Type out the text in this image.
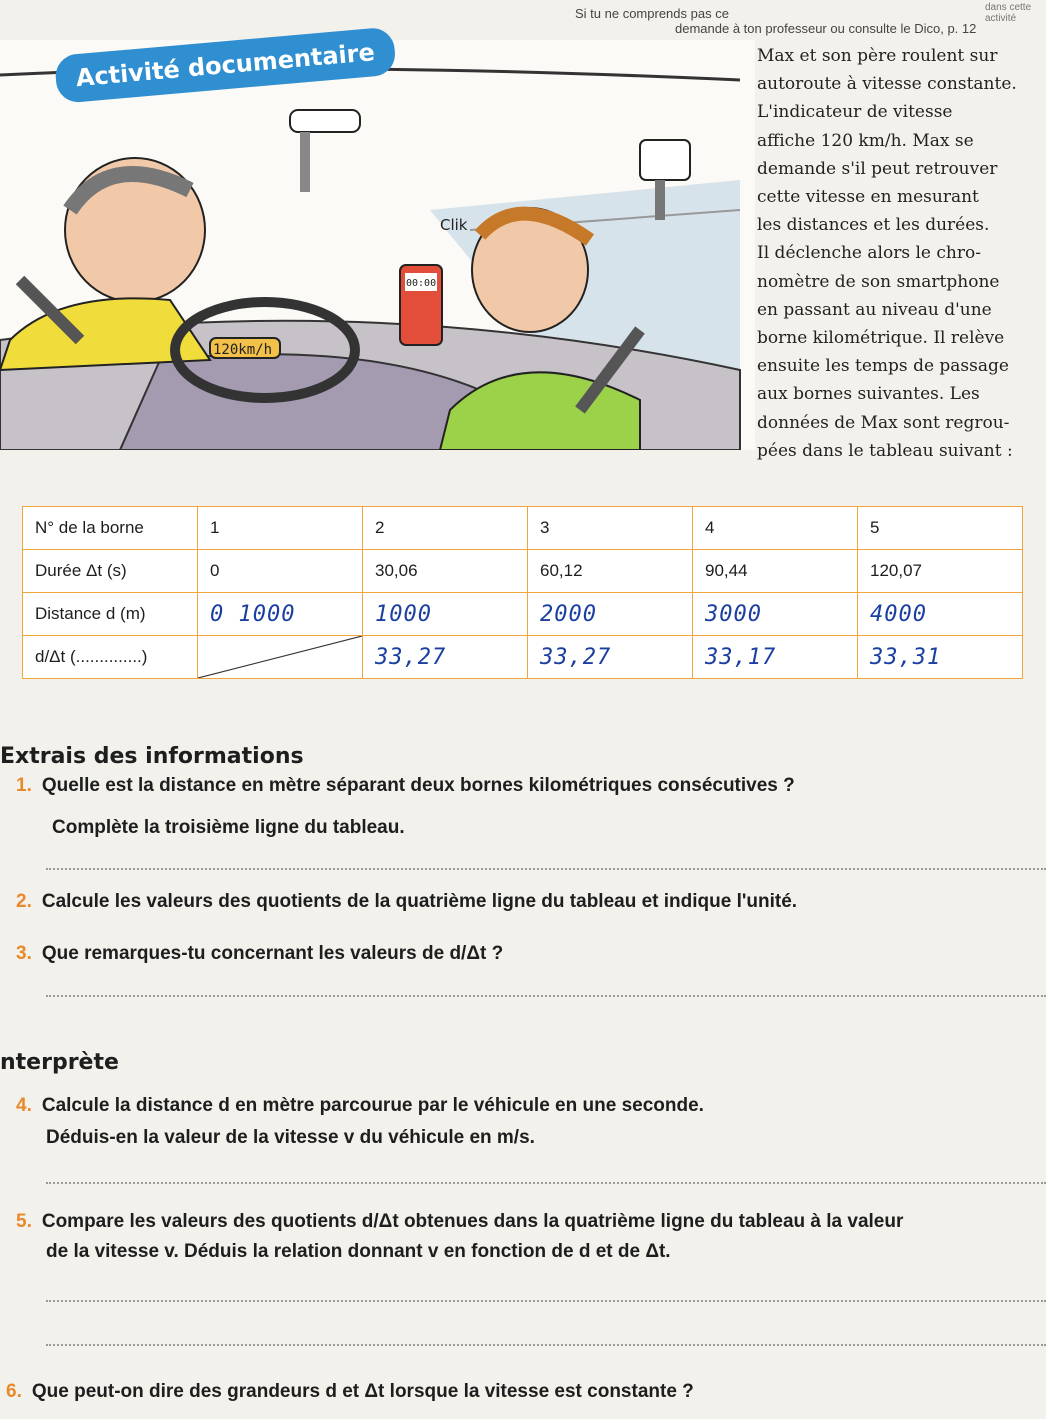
Si tu ne comprends pas ce
demande à ton professeur ou consulte le Dico, p. 12
dans cette activité
120km/h
00:00
Clik
Activité documentaire	Max et son père roulent sur
autoroute à vitesse constante.
L'indicateur de vitesse
affiche 120 km/h. Max se
demande s'il peut retrouver
cette vitesse en mesurant
les distances et les durées.
Il déclenche alors le chro-
nomètre de son smartphone
en passant au niveau d'une
borne kilométrique. Il relève
ensuite les temps de passage
aux bornes suivantes. Les
données de Max sont regrou-
pées dans le tableau suivant :
N° de la borne	1	2	3	4	5
Durée Δt (s)	0	30,06	60,12	90,44	120,07
Distance d (m)	0 1000	1000	2000	3000	4000
d/Δt (..............)		33,27	33,27	33,17	33,31
Extrais des informations
1. Quelle est la distance en mètre séparant deux bornes kilométriques consécutives ?
Complète la troisième ligne du tableau.
2. Calcule les valeurs des quotients de la quatrième ligne du tableau et indique l'unité.
3. Que remarques-tu concernant les valeurs de d/Δt ?
nterprète
4. Calcule la distance d en mètre parcourue par le véhicule en une seconde.
Déduis-en la valeur de la vitesse v du véhicule en m/s.
5. Compare les valeurs des quotients d/Δt obtenues dans la quatrième ligne du tableau à la valeur
de la vitesse v. Déduis la relation donnant v en fonction de d et de Δt.
6. Que peut-on dire des grandeurs d et Δt lorsque la vitesse est constante ?
